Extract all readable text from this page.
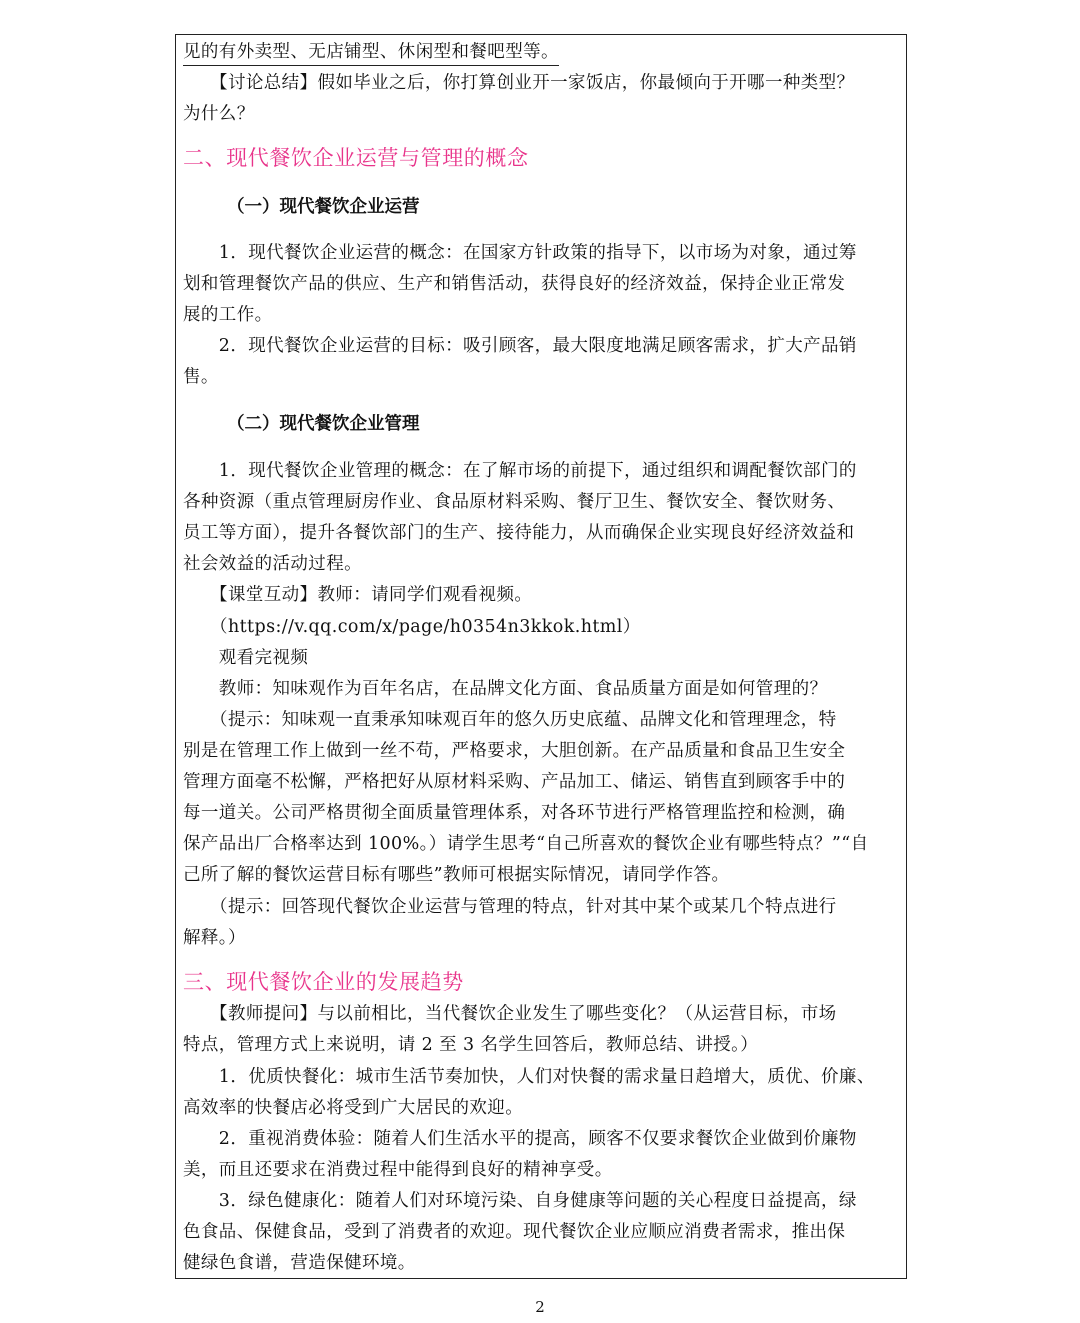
见的有外卖型、无店铺型、休闲型和餐吧型等。
　　【讨论总结】假如毕业之后，你打算创业开一家饭店，你最倾向于开哪一种类型？
为什么？
二、现代餐饮企业运营与管理的概念
（一）现代餐饮企业运营
　　1．现代餐饮企业运营的概念：在国家方针政策的指导下，以市场为对象，通过筹
划和管理餐饮产品的供应、生产和销售活动，获得良好的经济效益，保持企业正常发
展的工作。
　　2．现代餐饮企业运营的目标：吸引顾客，最大限度地满足顾客需求，扩大产品销
售。
（二）现代餐饮企业管理
　　1．现代餐饮企业管理的概念：在了解市场的前提下，通过组织和调配餐饮部门的
各种资源（重点管理厨房作业、食品原材料采购、餐厅卫生、餐饮安全、餐饮财务、
员工等方面），提升各餐饮部门的生产、接待能力，从而确保企业实现良好经济效益和
社会效益的活动过程。
　　【课堂互动】教师：请同学们观看视频。
　　（https://v.qq.com/x/page/h0354n3kkok.html）
　　观看完视频
　　教师：知味观作为百年名店，在品牌文化方面、食品质量方面是如何管理的？
　　（提示：知味观一直秉承知味观百年的悠久历史底蕴、品牌文化和管理理念，特
别是在管理工作上做到一丝不苟，严格要求，大胆创新。在产品质量和食品卫生安全
管理方面毫不松懈，严格把好从原材料采购、产品加工、储运、销售直到顾客手中的
每一道关。公司严格贯彻全面质量管理体系，对各环节进行严格管理监控和检测，确
保产品出厂合格率达到 100%。）请学生思考“自己所喜欢的餐饮企业有哪些特点？”“自
己所了解的餐饮运营目标有哪些”教师可根据实际情况，请同学作答。
　　（提示：回答现代餐饮企业运营与管理的特点，针对其中某个或某几个特点进行
解释。）
三、现代餐饮企业的发展趋势
　　【教师提问】与以前相比，当代餐饮企业发生了哪些变化？（从运营目标，市场
特点，管理方式上来说明，请 2 至 3 名学生回答后，教师总结、讲授。）
　　1．优质快餐化：城市生活节奏加快，人们对快餐的需求量日趋增大，质优、价廉、
高效率的快餐店必将受到广大居民的欢迎。
　　2．重视消费体验：随着人们生活水平的提高，顾客不仅要求餐饮企业做到价廉物
美，而且还要求在消费过程中能得到良好的精神享受。
　　3．绿色健康化：随着人们对环境污染、自身健康等问题的关心程度日益提高，绿
色食品、保健食品，受到了消费者的欢迎。现代餐饮企业应顺应消费者需求，推出保
健绿色食谱，营造保健环境。
2
